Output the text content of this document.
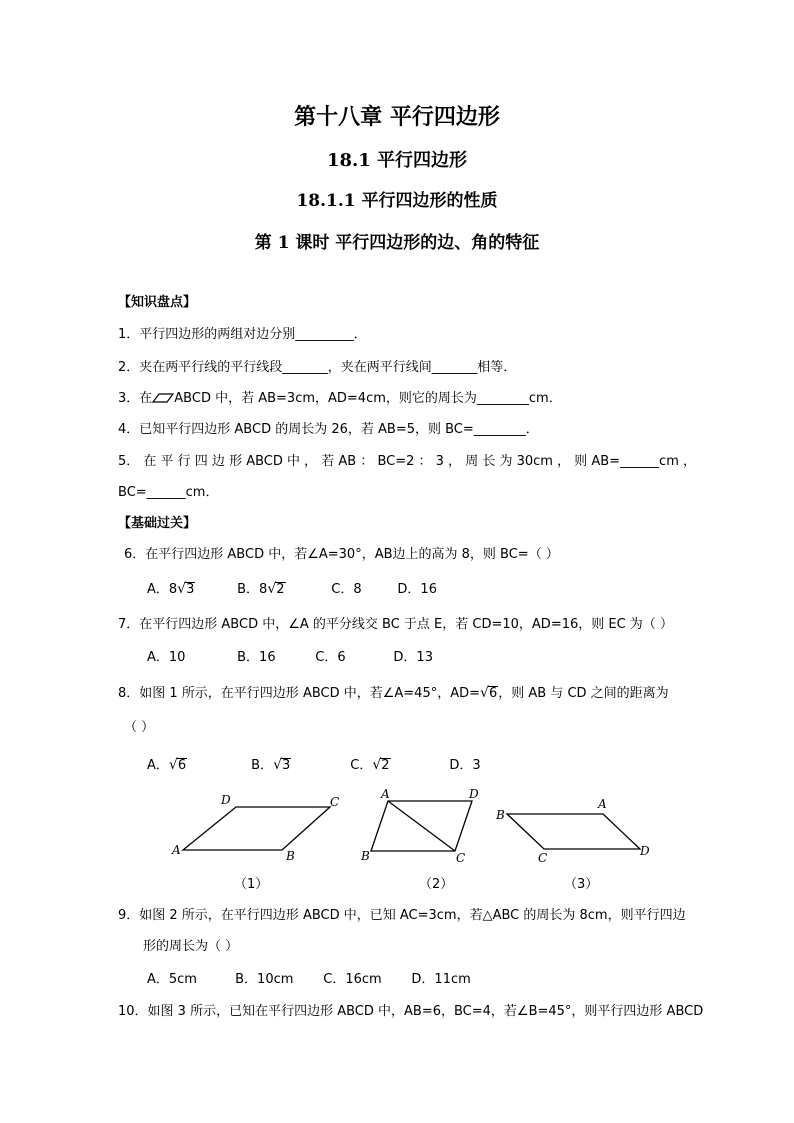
第十八章 平行四边形
18.1 平行四边形
18.1.1 平行四边形的性质
第 1 课时 平行四边形的边、角的特征
【知识盘点】
1．平行四边形的两组对边分别_________．
2．夹在两平行线的平行线段_______，夹在两平行线间_______相等．
3．在 ABCD 中，若 AB=3cm，AD=4cm，则它的周长为________cm．
4．已知平行四边形 ABCD 的周长为 26，若 AB=5，则 BC=________．
5． 在 平 行 四 边 形 ABCD 中 ， 若 AB ： BC=2 ： 3 ， 周 长 为 30cm ， 则 AB=______cm ，
BC=______cm．
【基础过关】
6．在平行四边形 ABCD 中，若∠A=30°，AB边上的高为 8，则 BC=（ ）
A．8√3	B．8√2	C．8	D．16
7．在平行四边形 ABCD 中，∠A 的平分线交 BC 于点 E，若 CD=10，AD=16，则 EC 为（ ）
A．10	B．16	C．6	D．13
8．如图 1 所示，在平行四边形 ABCD 中，若∠A=45°，AD=√6，则 AB 与 CD 之间的距离为
（ ）
A．√6	B．√3	C．√2	D．3
A
D	C
B
A	D
B	C
B
A
D
C
（1）	（2）	（3）
9．如图 2 所示，在平行四边形 ABCD 中，已知 AC=3cm，若△ABC 的周长为 8cm，则平行四边
形的周长为（ ）
A．5cm	B．10cm C．16cm D．11cm
10．如图 3 所示，已知在平行四边形 ABCD 中，AB=6，BC=4，若∠B=45°，则平行四边形 ABCD
